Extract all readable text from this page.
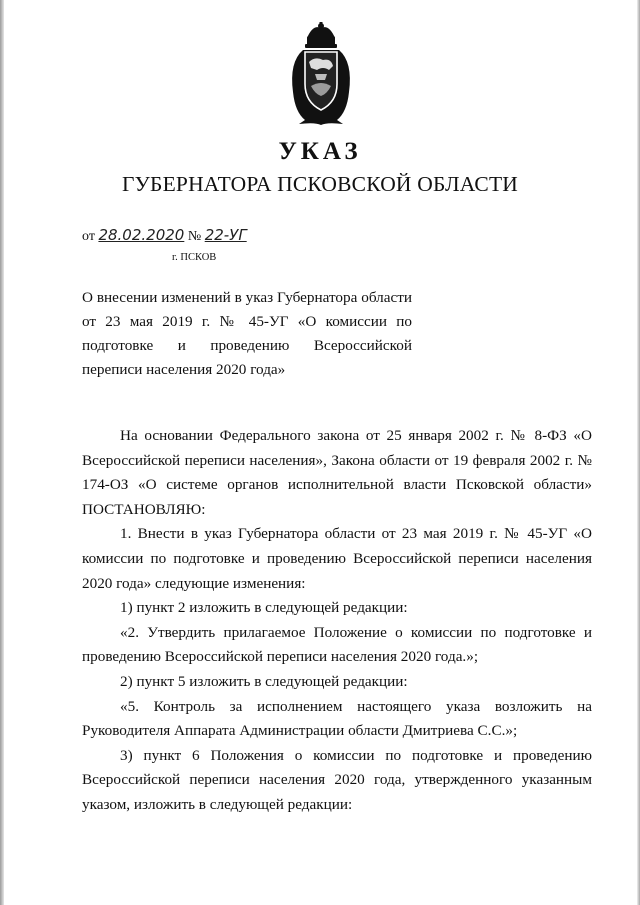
УКАЗ
ГУБЕРНАТОРА ПСКОВСКОЙ ОБЛАСТИ
от 28.02.2020 № 22-УГ
г. ПСКОВ
О внесении изменений в указ Губернатора области от 23 мая 2019 г. № 45-УГ «О комиссии по подготовке и проведению Всероссийской переписи населения 2020 года»

На основании Федерального закона от 25 января 2002 г. № 8-ФЗ «О Всероссийской переписи населения», Закона области от 19 февраля 2002 г. № 174-ОЗ «О системе органов исполнительной власти Псковской области» ПОСТАНОВЛЯЮ:

1. Внести в указ Губернатора области от 23 мая 2019 г. № 45-УГ «О комиссии по подготовке и проведению Всероссийской переписи населения 2020 года» следующие изменения:

1) пункт 2 изложить в следующей редакции:

«2. Утвердить прилагаемое Положение о комиссии по подготовке и проведению Всероссийской переписи населения 2020 года.»;

2) пункт 5 изложить в следующей редакции:

«5. Контроль за исполнением настоящего указа возложить на Руководителя Аппарата Администрации области Дмитриева С.С.»;

3) пункт 6 Положения о комиссии по подготовке и проведению Всероссийской переписи населения 2020 года, утвержденного указанным указом, изложить в следующей редакции:
